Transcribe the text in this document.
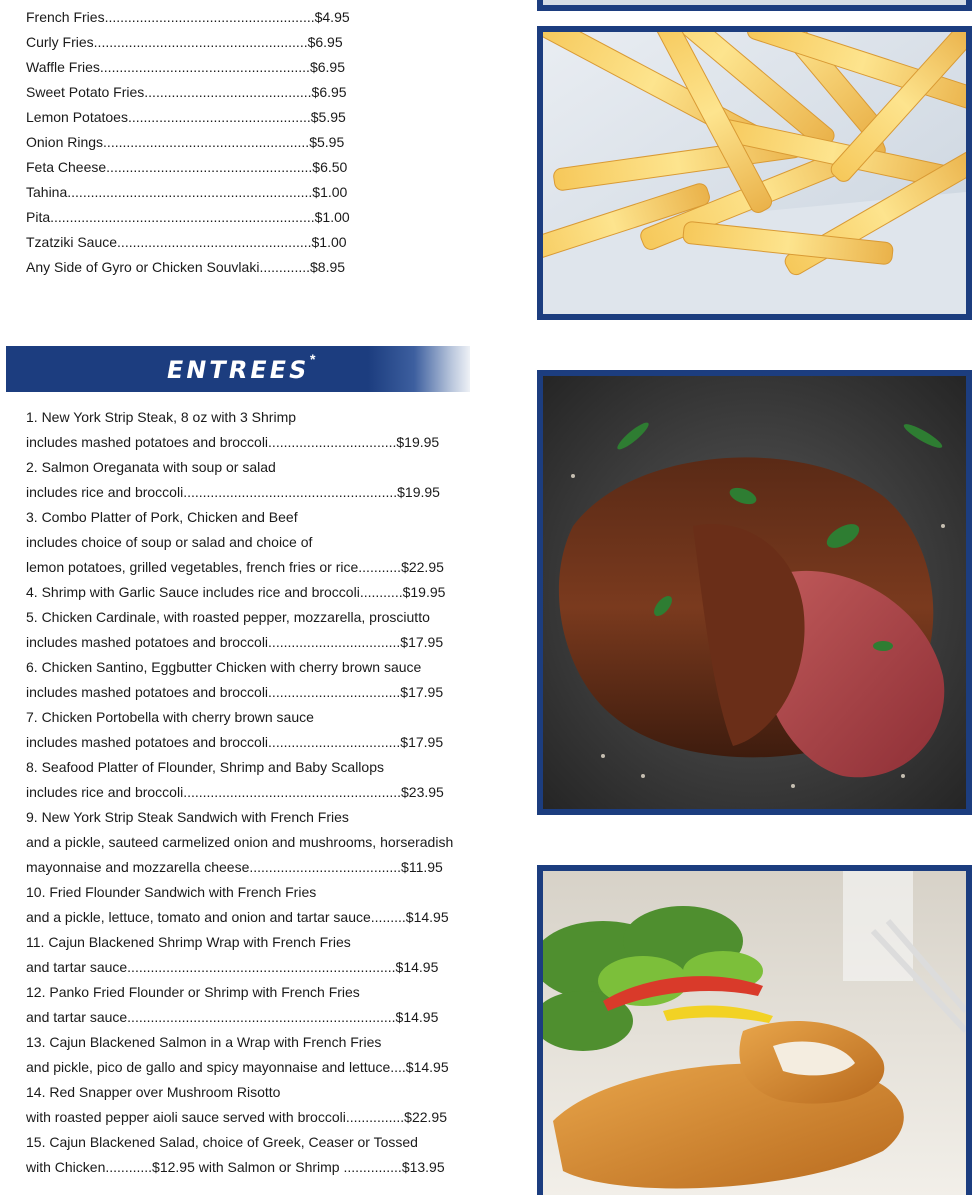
French Fries......................................................$4.95
Curly Fries.......................................................$6.95
Waffle Fries......................................................$6.95
Sweet Potato Fries...........................................$6.95
Lemon Potatoes...............................................$5.95
Onion Rings.....................................................$5.95
Feta Cheese.....................................................$6.50
Tahina...............................................................$1.00
Pita....................................................................$1.00
Tzatziki Sauce..................................................$1.00
Any Side of Gyro or Chicken Souvlaki.............$8.95
ENTREES
*
1. New York Strip Steak, 8 oz with 3 Shrimp
includes mashed potatoes and broccoli.................................$19.95
2. Salmon Oreganata with soup or salad
includes rice and broccoli.......................................................$19.95
3. Combo Platter of Pork, Chicken and Beef
includes choice of soup or salad and choice of
lemon potatoes, grilled vegetables, french fries or rice...........$22.95
4. Shrimp with Garlic Sauce includes rice and broccoli...........$19.95
5. Chicken Cardinale, with roasted pepper, mozzarella, prosciutto
includes mashed potatoes and broccoli..................................$17.95
6. Chicken Santino, Eggbutter Chicken with cherry brown sauce
includes mashed potatoes and broccoli..................................$17.95
7. Chicken Portobella with cherry brown sauce
includes mashed potatoes and broccoli..................................$17.95
8. Seafood Platter of Flounder, Shrimp and Baby Scallops
includes rice and broccoli........................................................$23.95
9. New York Strip Steak Sandwich with French Fries
and a pickle, sauteed carmelized onion and mushrooms, horseradish
mayonnaise and mozzarella cheese.......................................$11.95
10. Fried Flounder Sandwich with French Fries
and a pickle, lettuce, tomato and onion and tartar sauce.........$14.95
11. Cajun Blackened Shrimp Wrap with French Fries
and tartar sauce.....................................................................$14.95
12. Panko Fried Flounder or Shrimp with French Fries
and tartar sauce.....................................................................$14.95
13. Cajun Blackened Salmon in a Wrap with French Fries
and pickle, pico de gallo and spicy mayonnaise and lettuce....$14.95
14. Red Snapper over Mushroom Risotto
with roasted pepper aioli sauce served with broccoli...............$22.95
15. Cajun Blackened Salad, choice of Greek, Ceaser or Tossed
with Chicken............$12.95 with Salmon or Shrimp ...............$13.95
